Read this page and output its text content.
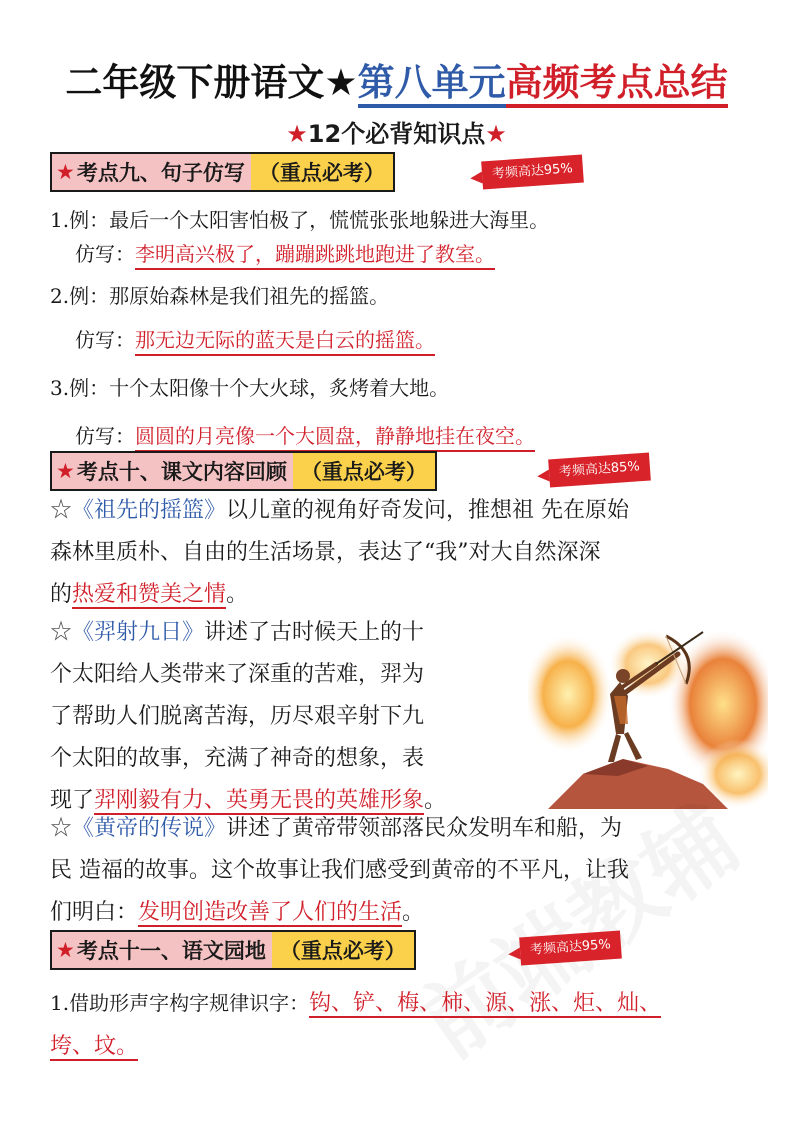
二年级下册语文★第八单元高频考点总结
★12个必背知识点★
★ 考点九、句子仿写 （重点必考）	考频高达95%
1.例：最后一个太阳害怕极了，慌慌张张地躲进大海里。
仿写：李明高兴极了，蹦蹦跳跳地跑进了教室。
2.例：那原始森林是我们祖先的摇篮。
仿写：那无边无际的蓝天是白云的摇篮。
3.例：十个太阳像十个大火球，炙烤着大地。
仿写：圆圆的月亮像一个大圆盘，静静地挂在夜空。
★ 考点十、课文内容回顾 （重点必考）	考频高达85%
☆《祖先的摇篮》以儿童的视角好奇发问，推想祖 先在原始
森林里质朴、自由的生活场景，表达了“我”对大自然深深
的热爱和赞美之情。
☆《羿射九日》讲述了古时候天上的十
个太阳给人类带来了深重的苦难，羿为
了帮助人们脱离苦海，历尽艰辛射下九
个太阳的故事，充满了神奇的想象，表
现了羿刚毅有力、英勇无畏的英雄形象。
☆《黄帝的传说》讲述了黄帝带领部落民众发明车和船，为
民 造福的故事。这个故事让我们感受到黄帝的不平凡，让我
们明白：发明创造改善了人们的生活。
★ 考点十一、语文园地 （重点必考）	考频高达95%
1.借助形声字构字规律识字：钩、铲、梅、柿、源、涨、炬、灿、
垮、坟。
